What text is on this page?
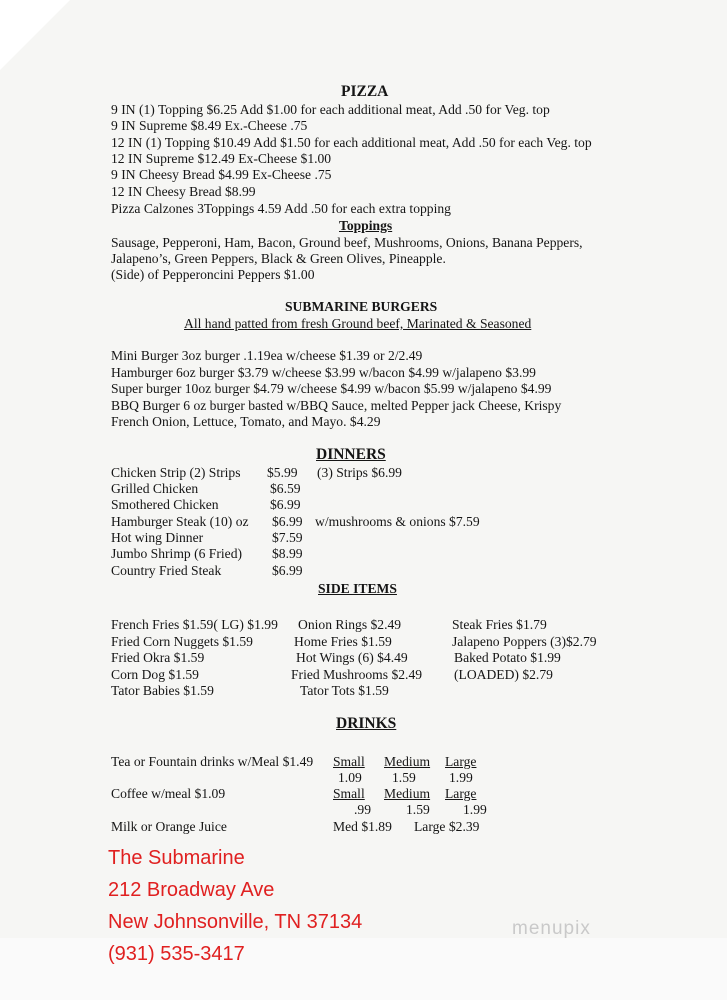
PIZZA
9 IN (1) Topping $6.25 Add $1.00 for each additional meat, Add .50 for Veg. top
9 IN Supreme $8.49 Ex.-Cheese .75
12 IN (1) Topping $10.49 Add $1.50 for each additional meat, Add .50 for each Veg. top
12 IN Supreme $12.49 Ex-Cheese $1.00
9 IN Cheesy Bread $4.99 Ex-Cheese .75
12 IN Cheesy Bread $8.99
Pizza Calzones 3Toppings 4.59 Add .50 for each extra topping
Toppings
Sausage, Pepperoni, Ham, Bacon, Ground beef, Mushrooms, Onions, Banana Peppers,
Jalapeno’s, Green Peppers, Black & Green Olives, Pineapple.
(Side) of Pepperoncini Peppers $1.00
SUBMARINE BURGERS
All hand patted from fresh Ground beef, Marinated & Seasoned
Mini Burger 3oz burger .1.19ea w/cheese $1.39 or 2/2.49
Hamburger 6oz burger $3.79 w/cheese $3.99 w/bacon $4.99 w/jalapeno $3.99
Super burger 10oz burger $4.79 w/cheese $4.99 w/bacon $5.99 w/jalapeno $4.99
BBQ Burger 6 oz burger basted w/BBQ Sauce, melted Pepper jack Cheese, Krispy
French Onion, Lettuce, Tomato, and Mayo. $4.29
DINNERS
Chicken Strip (2) Strips $5.99 (3) Strips $6.99
Grilled Chicken	$6.59
Smothered Chicken	$6.99
Hamburger Steak (10) oz $6.99 w/mushrooms & onions $7.59
Hot wing Dinner	$7.59
Jumbo Shrimp (6 Fried) $8.99
Country Fried Steak	$6.99
SIDE ITEMS
French Fries $1.59( LG) $1.99 Onion Rings $2.49	Steak Fries $1.79
Fried Corn Nuggets $1.59	Home Fries $1.59	Jalapeno Poppers (3)$2.79
Fried Okra $1.59	Hot Wings (6) $4.49	Baked Potato $1.99
Corn Dog $1.59	Fried Mushrooms $2.49 (LOADED) $2.79
Tator Babies $1.59	Tator Tots $1.59
DRINKS
Tea or Fountain drinks w/Meal $1.49 Small Medium Large
1.09 1.59 1.99
Coffee w/meal $1.09	Small Medium Large
.99	1.59 1.99
Milk or Orange Juice	Med $1.89 Large $2.39
The Submarine
212 Broadway Ave
New Johnsonville, TN 37134
(931) 535-3417
menupix
